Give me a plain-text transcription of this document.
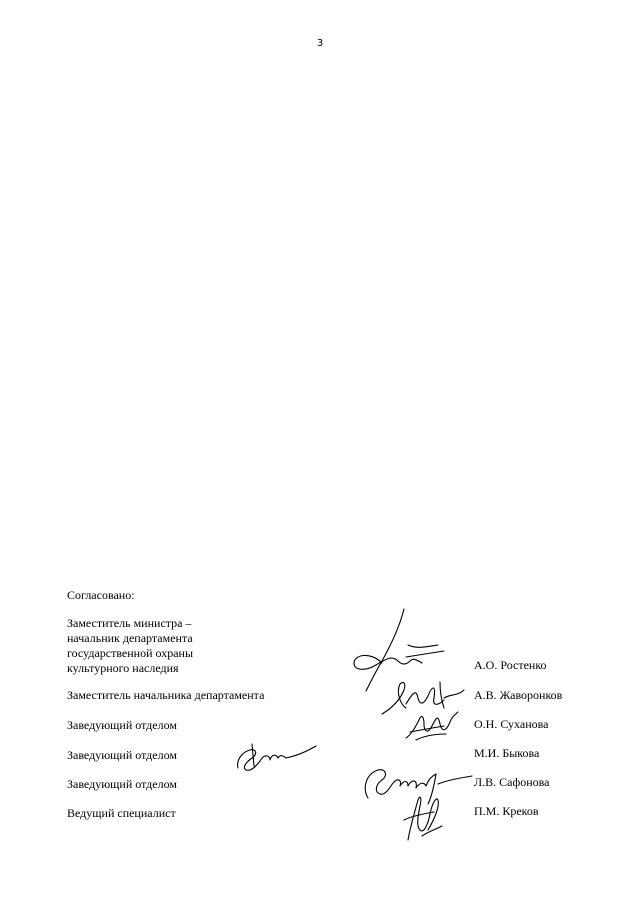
3
Согласовано:
Заместитель министра –
начальник департамента
государственной охраны
культурного наследия	А.О. Ростенко
Заместитель начальника департамента	А.В. Жаворонков
Заведующий отделом	О.Н. Суханова
Заведующий отделом	М.И. Быкова
Заведующий отделом	Л.В. Сафонова
Ведущий специалист	П.М. Креков
